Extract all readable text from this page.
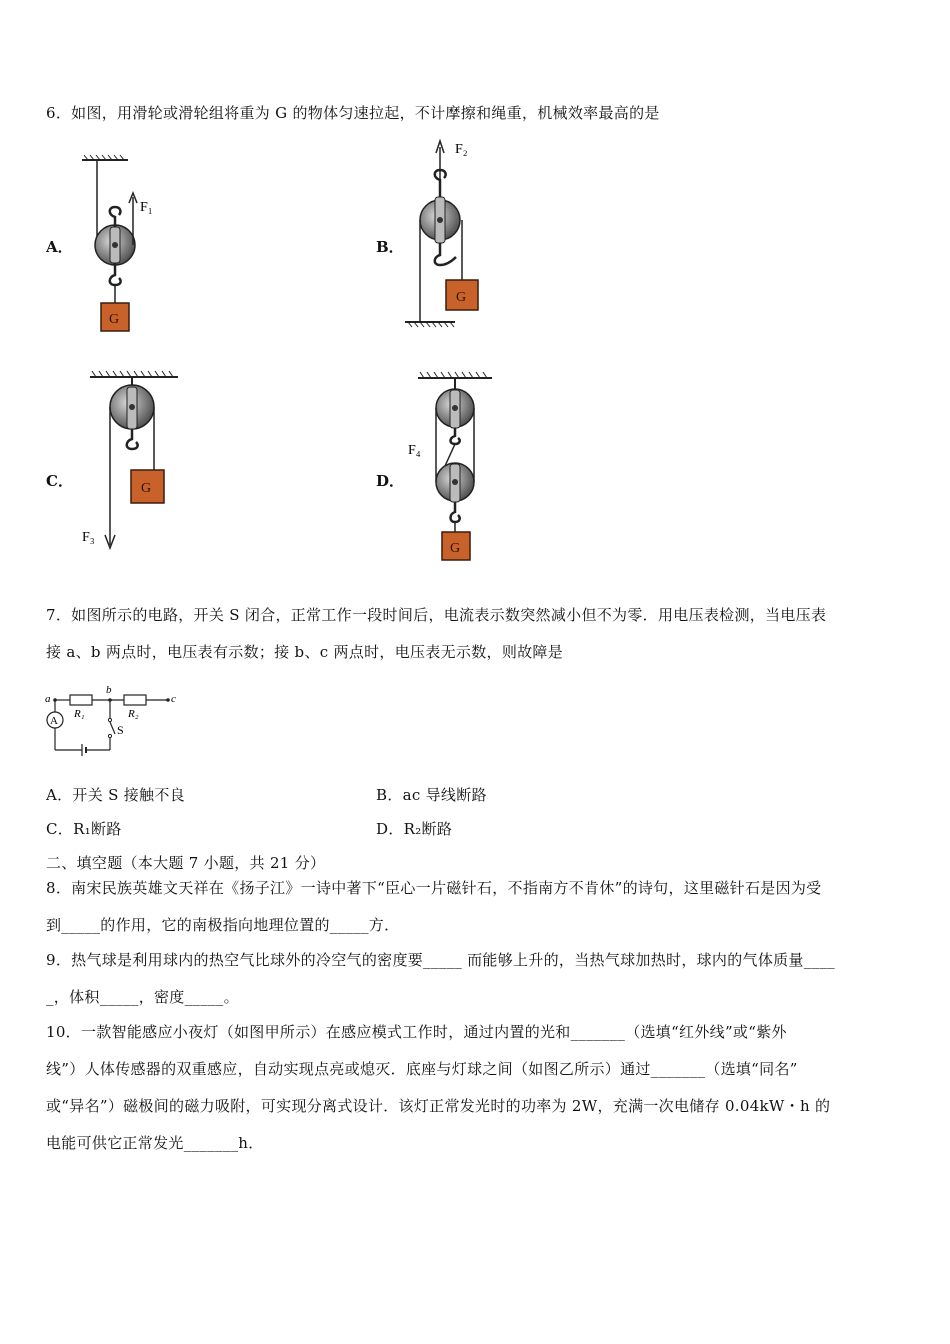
6．如图，用滑轮或滑轮组将重为 G 的物体匀速拉起，不计摩擦和绳重，机械效率最高的是
A．	B．
C．	D．
F₁
G
F₂
G
F₃
G
F₄
G
7．如图所示的电路，开关 S 闭合，正常工作一段时间后，电流表示数突然减小但不为零．用电压表检测，当电压表
接 a、b 两点时，电压表有示数；接 b、c 两点时，电压表无示数，则故障是
A
a
b
c
R₁	R₂
S
A．开关 S 接触不良	B．ac 导线断路
C．R₁断路	D．R₂断路
二、填空题（本大题 7 小题，共 21 分）
8．南宋民族英雄文天祥在《扬子江》一诗中著下“臣心一片磁针石，不指南方不肯休”的诗句，这里磁针石是因为受
到_____的作用，它的南极指向地理位置的_____方．
9．热气球是利用球内的热空气比球外的冷空气的密度要_____ 而能够上升的，当热气球加热时，球内的气体质量____
_，体积_____，密度_____。
10．一款智能感应小夜灯（如图甲所示）在感应模式工作时，通过内置的光和_______（选填“红外线”或“紫外
线”）人体传感器的双重感应，自动实现点亮或熄灭．底座与灯球之间（如图乙所示）通过_______（选填“同名”
或“异名”）磁极间的磁力吸附，可实现分离式设计．该灯正常发光时的功率为 2W，充满一次电储存 0.04kW・h 的
电能可供它正常发光_______h．
